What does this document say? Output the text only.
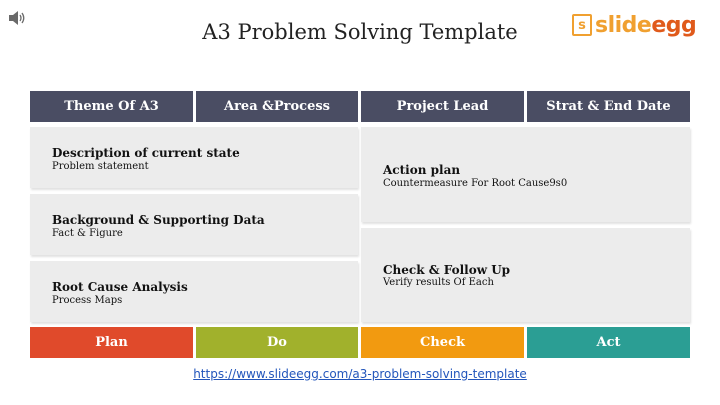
A3 Problem Solving Template	s slideegg
Theme Of A3	Area &Process	Project Lead	Strat & End Date
Description of current state
Problem statement
Background & Supporting Data
Fact & Figure
Root Cause Analysis
Process Maps
Action plan
Countermeasure For Root Cause9s0
Check & Follow Up
Verify results Of Each
Plan	Do	Check	Act
https://www.slideegg.com/a3-problem-solving-template
